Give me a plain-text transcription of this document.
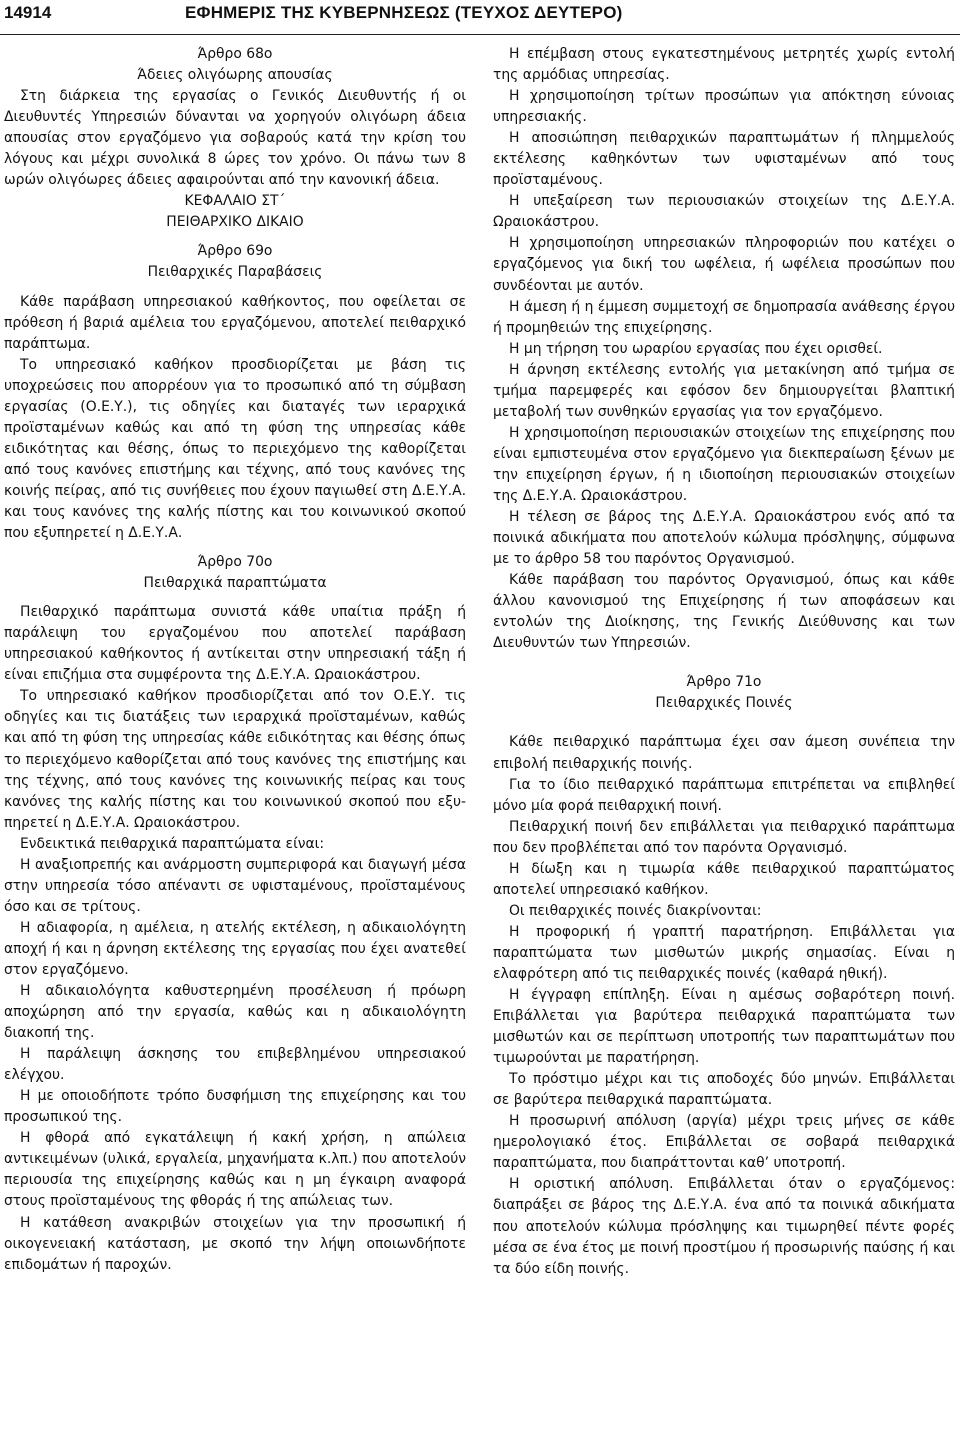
14914	ΕΦΗΜΕΡΙΣ ΤΗΣ ΚΥΒΕΡΝΗΣΕΩΣ (ΤΕΥΧΟΣ ΔΕΥΤΕΡΟ)

Άρθρο 68ο

Άδειες ολιγόωρης απουσίας

Στη διάρκεια της εργασίας ο Γενικός Διευθυντής ή οι Διευθυντές Υπηρεσιών δύνανται να χορηγούν ολιγόωρη άδεια απουσίας στον εργαζόμενο για σοβαρούς κατά την κρίση του λόγους και μέχρι συνολικά 8 ώρες τον χρόνο. Οι πάνω των 8 ωρών ολιγόωρες άδειες αφαιρούνται από την κανονική άδεια.

ΚΕΦΑΛΑΙΟ ΣΤ΄

ΠΕΙΘΑΡΧΙΚΟ ΔΙΚΑΙΟ

Άρθρο 69ο

Πειθαρχικές Παραβάσεις

Κάθε παράβαση υπηρεσιακού καθήκοντος, που οφείλεται σε πρόθεση ή βαριά αμέλεια του εργαζόμενου, αποτελεί πειθαρχικό παράπτωμα.

Το υπηρεσιακό καθήκον προσδιορίζεται με βάση τις υποχρεώσεις που απορρέουν για το προσωπικό από τη σύμβαση εργασίας (Ο.Ε.Υ.), τις οδηγίες και διαταγές των ιεραρχικά προϊσταμένων καθώς και από τη φύση της υπηρεσίας κάθε ειδικότητας και θέσης, όπως το περιεχόμενο της καθορίζεται από τους κανόνες επιστήμης και τέχνης, από τους κανόνες της κοινής πείρας, από τις συνήθειες που έχουν παγιωθεί στη Δ.Ε.Υ.Α. και τους κανόνες της καλής πίστης και του κοινωνικού σκοπού που εξυπηρετεί η Δ.Ε.Υ.Α.

Άρθρο 70ο

Πειθαρχικά παραπτώματα

Πειθαρχικό παράπτωμα συνιστά κάθε υπαίτια πράξη ή παράλειψη του εργαζομένου που αποτελεί παράβαση υπηρεσιακού καθήκοντος ή αντίκειται στην υπηρεσιακή τάξη ή είναι επιζήμια στα συμφέροντα της Δ.Ε.Υ.Α. Ωραιοκάστρου.

Το υπηρεσιακό καθήκον προσδιορίζεται από τον Ο.Ε.Υ. τις οδηγίες και τις διατάξεις των ιεραρχικά προϊσταμένων, καθώς και από τη φύση της υπηρεσίας κάθε ειδικότητας και θέσης όπως το περιεχόμενο καθορίζεται από τους κανόνες της επιστήμης και της τέχνης, από τους κανόνες της κοινωνικής πείρας και τους κανόνες της καλής πίστης και του κοινωνικού σκοπού που εξυπηρετεί η Δ.Ε.Υ.Α. Ωραιοκάστρου.

Ενδεικτικά πειθαρχικά παραπτώματα είναι:

Η αναξιοπρεπής και ανάρμοστη συμπεριφορά και διαγωγή μέσα στην υπηρεσία τόσο απέναντι σε υφισταμένους, προϊσταμένους όσο και σε τρίτους.

Η αδιαφορία, η αμέλεια, η ατελής εκτέλεση, η αδικαιολόγητη αποχή ή και η άρνηση εκτέλεσης της εργασίας που έχει ανατεθεί στον εργαζόμενο.

Η αδικαιολόγητα καθυστερημένη προσέλευση ή πρόωρη αποχώρηση από την εργασία, καθώς και η αδικαιολόγητη διακοπή της.

Η παράλειψη άσκησης του επιβεβλημένου υπηρεσιακού ελέγχου.

Η με οποιοδήποτε τρόπο δυσφήμιση της επιχείρησης και του προσωπικού της.

Η φθορά από εγκατάλειψη ή κακή χρήση, η απώλεια αντικειμένων (υλικά, εργαλεία, μηχανήματα κ.λπ.) που αποτελούν περιουσία της επιχείρησης καθώς και η μη έγκαιρη αναφορά στους προϊσταμένους της φθοράς ή της απώλειας των.

Η κατάθεση ανακριβών στοιχείων για την προσωπική ή οικογενειακή κατάσταση, με σκοπό την λήψη οποιωνδήποτε επιδομάτων ή παροχών.

Η επέμβαση στους εγκατεστημένους μετρητές χωρίς εντολή της αρμόδιας υπηρεσίας.

Η χρησιμοποίηση τρίτων προσώπων για απόκτηση εύνοιας υπηρεσιακής.

Η αποσιώπηση πειθαρχικών παραπτωμάτων ή πλημμελούς εκτέλεσης καθηκόντων των υφισταμένων από τους προϊσταμένους.

Η υπεξαίρεση των περιουσιακών στοιχείων της Δ.Ε.Υ.Α. Ωραιοκάστρου.

Η χρησιμοποίηση υπηρεσιακών πληροφοριών που κατέχει ο εργαζόμενος για δική του ωφέλεια, ή ωφέλεια προσώπων που συνδέονται με αυτόν.

Η άμεση ή η έμμεση συμμετοχή σε δημοπρασία ανάθεσης έργου ή προμηθειών της επιχείρησης.

Η μη τήρηση του ωραρίου εργασίας που έχει ορισθεί.

Η άρνηση εκτέλεσης εντολής για μετακίνηση από τμήμα σε τμήμα παρεμφερές και εφόσον δεν δημιουργείται βλαπτική μεταβολή των συνθηκών εργασίας για τον εργαζόμενο.

Η χρησιμοποίηση περιουσιακών στοιχείων της επιχείρησης που είναι εμπιστευμένα στον εργαζόμενο για διεκπεραίωση ξένων με την επιχείρηση έργων, ή η ιδιοποίηση περιουσιακών στοιχείων της Δ.Ε.Υ.Α. Ωραιοκάστρου.

Η τέλεση σε βάρος της Δ.Ε.Υ.Α. Ωραιοκάστρου ενός από τα ποινικά αδικήματα που αποτελούν κώλυμα πρόσληψης, σύμφωνα με το άρθρο 58 του παρόντος Οργανισμού.

Κάθε παράβαση του παρόντος Οργανισμού, όπως και κάθε άλλου κανονισμού της Επιχείρησης ή των αποφάσεων και εντολών της Διοίκησης, της Γενικής Διεύθυνσης και των Διευθυντών των Υπηρεσιών.

Άρθρο 71ο

Πειθαρχικές Ποινές

Κάθε πειθαρχικό παράπτωμα έχει σαν άμεση συνέπεια την επιβολή πειθαρχικής ποινής.

Για το ίδιο πειθαρχικό παράπτωμα επιτρέπεται να επιβληθεί μόνο μία φορά πειθαρχική ποινή.

Πειθαρχική ποινή δεν επιβάλλεται για πειθαρχικό παράπτωμα που δεν προβλέπεται από τον παρόντα Οργανισμό.

Η δίωξη και η τιμωρία κάθε πειθαρχικού παραπτώματος αποτελεί υπηρεσιακό καθήκον.

Οι πειθαρχικές ποινές διακρίνονται:

Η προφορική ή γραπτή παρατήρηση. Επιβάλλεται για παραπτώματα των μισθωτών μικρής σημασίας. Είναι η ελαφρότερη από τις πειθαρχικές ποινές (καθαρά ηθική).

Η έγγραφη επίπληξη. Είναι η αμέσως σοβαρότερη ποινή. Επιβάλλεται για βαρύτερα πειθαρχικά παραπτώματα των μισθωτών και σε περίπτωση υποτροπής των παραπτωμάτων που τιμωρούνται με παρατήρηση.

Το πρόστιμο μέχρι και τις αποδοχές δύο μηνών. Επιβάλλεται σε βαρύτερα πειθαρχικά παραπτώματα.

Η προσωρινή απόλυση (αργία) μέχρι τρεις μήνες σε κάθε ημερολογιακό έτος. Επιβάλλεται σε σοβαρά πειθαρχικά παραπτώματα, που διαπράττονται καθ’ υποτροπή.

Η οριστική απόλυση. Επιβάλλεται όταν ο εργαζόμενος: διαπράξει σε βάρος της Δ.Ε.Υ.Α. ένα από τα ποινικά αδικήματα που αποτελούν κώλυμα πρόσληψης και τιμωρηθεί πέντε φορές μέσα σε ένα έτος με ποινή προστίμου ή προσωρινής παύσης ή και τα δύο είδη ποινής.
